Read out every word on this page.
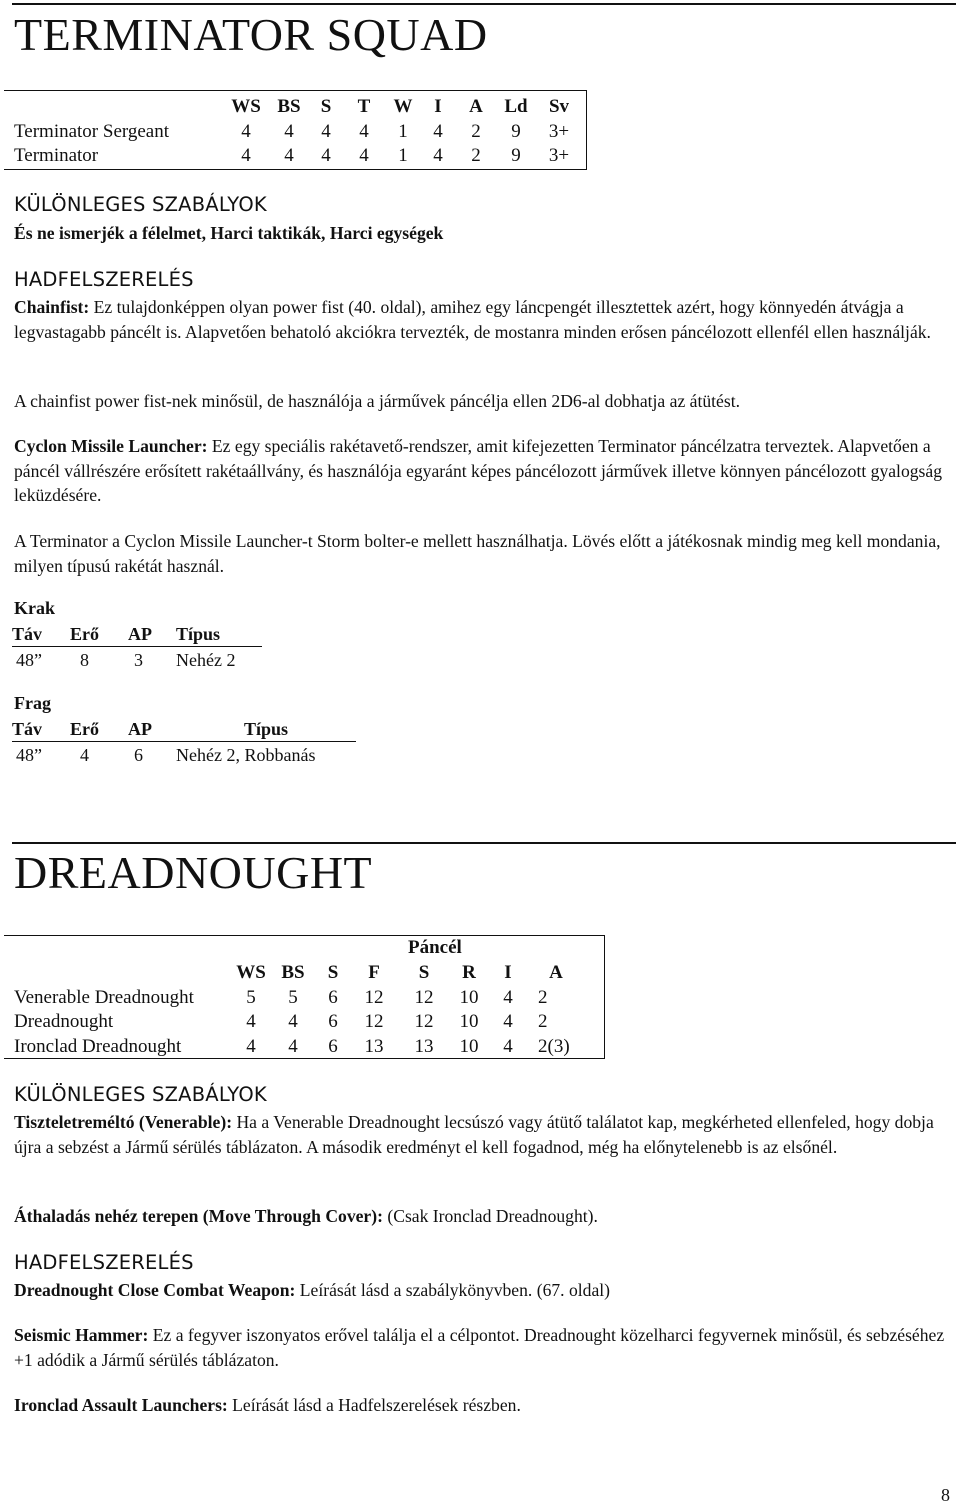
TERMINATOR SQUAD
	WS	BS	S	T	W	I	A	Ld	Sv
Terminator Sergeant	4	4	4	4	1	4	2	9	3+
Terminator	4	4	4	4	1	4	2	9	3+
KÜLÖNLEGES SZABÁLYOK

És ne ismerjék a félelmet, Harci taktikák, Harci egységek

HADFELSZERELÉS

Chainfist: Ez tulajdonképpen olyan power fist (40. oldal), amihez egy láncpengét illesztettek azért, hogy könnyedén átvágja a legvastagabb páncélt is. Alapvetően behatoló akciókra tervezték, de mostanra minden erősen páncélozott ellenfél ellen használják.

A chainfist power fist-nek minősül, de használója a járművek páncélja ellen 2D6-al dobhatja az átütést.

Cyclon Missile Launcher: Ez egy speciális rakétavető-rendszer, amit kifejezetten Terminator páncélzatra terveztek. Alapvetően a páncél vállrészére erősített rakétaállvány, és használója egyaránt képes páncélozott járművek illetve könnyen páncélozott gyalogság leküzdésére.

A Terminator a Cyclon Missile Launcher-t Storm bolter-e mellett használhatja. Lövés előtt a játékosnak mindig meg kell mondania, milyen típusú rakétát használ.

Krak
Táv	Erő	AP	Típus
48”	8	3	Nehéz 2
Frag
Táv	Erő	AP	Típus
48”	4	6	Nehéz 2, Robbanás
DREADNOUGHT
Páncél
	WS	BS	S	F	S	R	I	A
Venerable Dreadnought	5	5	6	12	12	10	4	2
Dreadnought	4	4	6	12	12	10	4	2
Ironclad Dreadnought	4	4	6	13	13	10	4	2(3)
KÜLÖNLEGES SZABÁLYOK

Tiszteletreméltó (Venerable): Ha a Venerable Dreadnought lecsúszó vagy átütő találatot kap, megkérheted ellenfeled, hogy dobja újra a sebzést a Jármű sérülés táblázaton. A második eredményt el kell fogadnod, még ha előnytelenebb is az elsőnél.

Áthaladás nehéz terepen (Move Through Cover): (Csak Ironclad Dreadnought).

HADFELSZERELÉS

Dreadnought Close Combat Weapon: Leírását lásd a szabálykönyvben. (67. oldal)

Seismic Hammer: Ez a fegyver iszonyatos erővel találja el a célpontot. Dreadnought közelharci fegyvernek minősül, és sebzéséhez +1 adódik a Jármű sérülés táblázaton.

Ironclad Assault Launchers: Leírását lásd a Hadfelszerelések részben.

8
